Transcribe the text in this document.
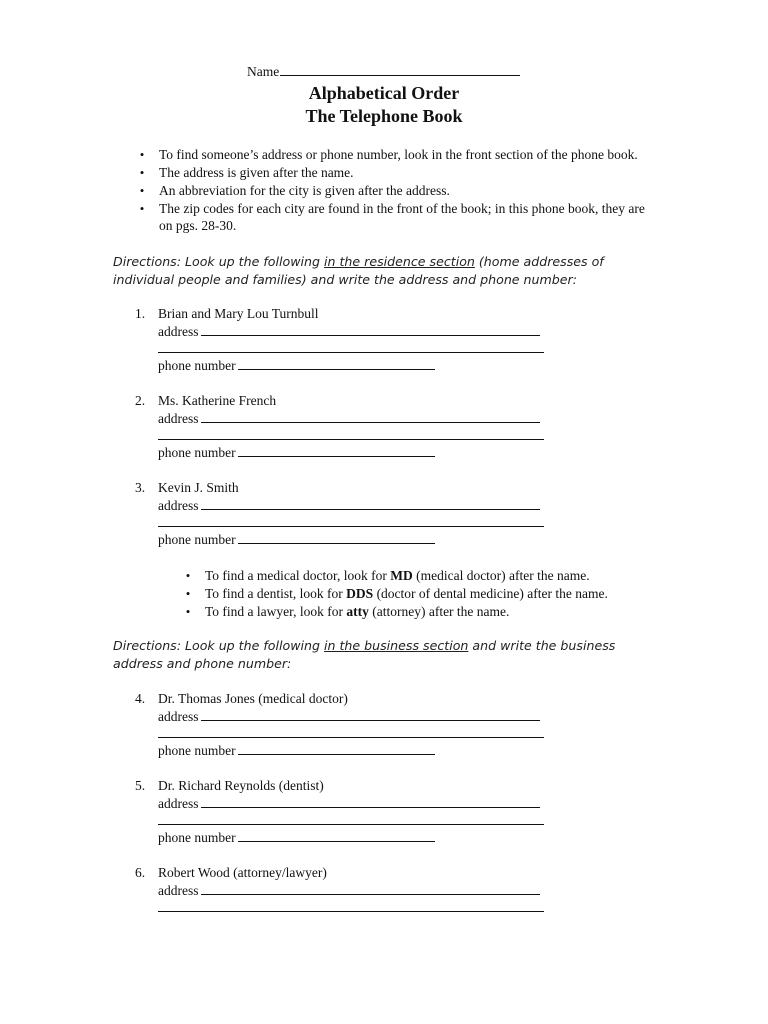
Name
Alphabetical Order
The Telephone Book
•	To find someone’s address or phone number, look in the front section of the phone book.
•	The address is given after the name.
•	An abbreviation for the city is given after the address.
•	The zip codes for each city are found in the front of the book; in this phone book, they are on pgs. 28-30.
Directions: Look up the following in the residence section (home addresses of individual people and families) and write the address and phone number:
1. Brian and Mary Lou Turnbull
address
phone number
2. Ms. Katherine French
address
phone number
3. Kevin J. Smith
address
phone number
•	To find a medical doctor, look for MD (medical doctor) after the name.
•	To find a dentist, look for DDS (doctor of dental medicine) after the name.
•	To find a lawyer, look for atty (attorney) after the name.
Directions: Look up the following in the business section and write the business address and phone number:
4. Dr. Thomas Jones (medical doctor)
address
phone number
5. Dr. Richard Reynolds (dentist)
address
phone number
6. Robert Wood (attorney/lawyer)
address
